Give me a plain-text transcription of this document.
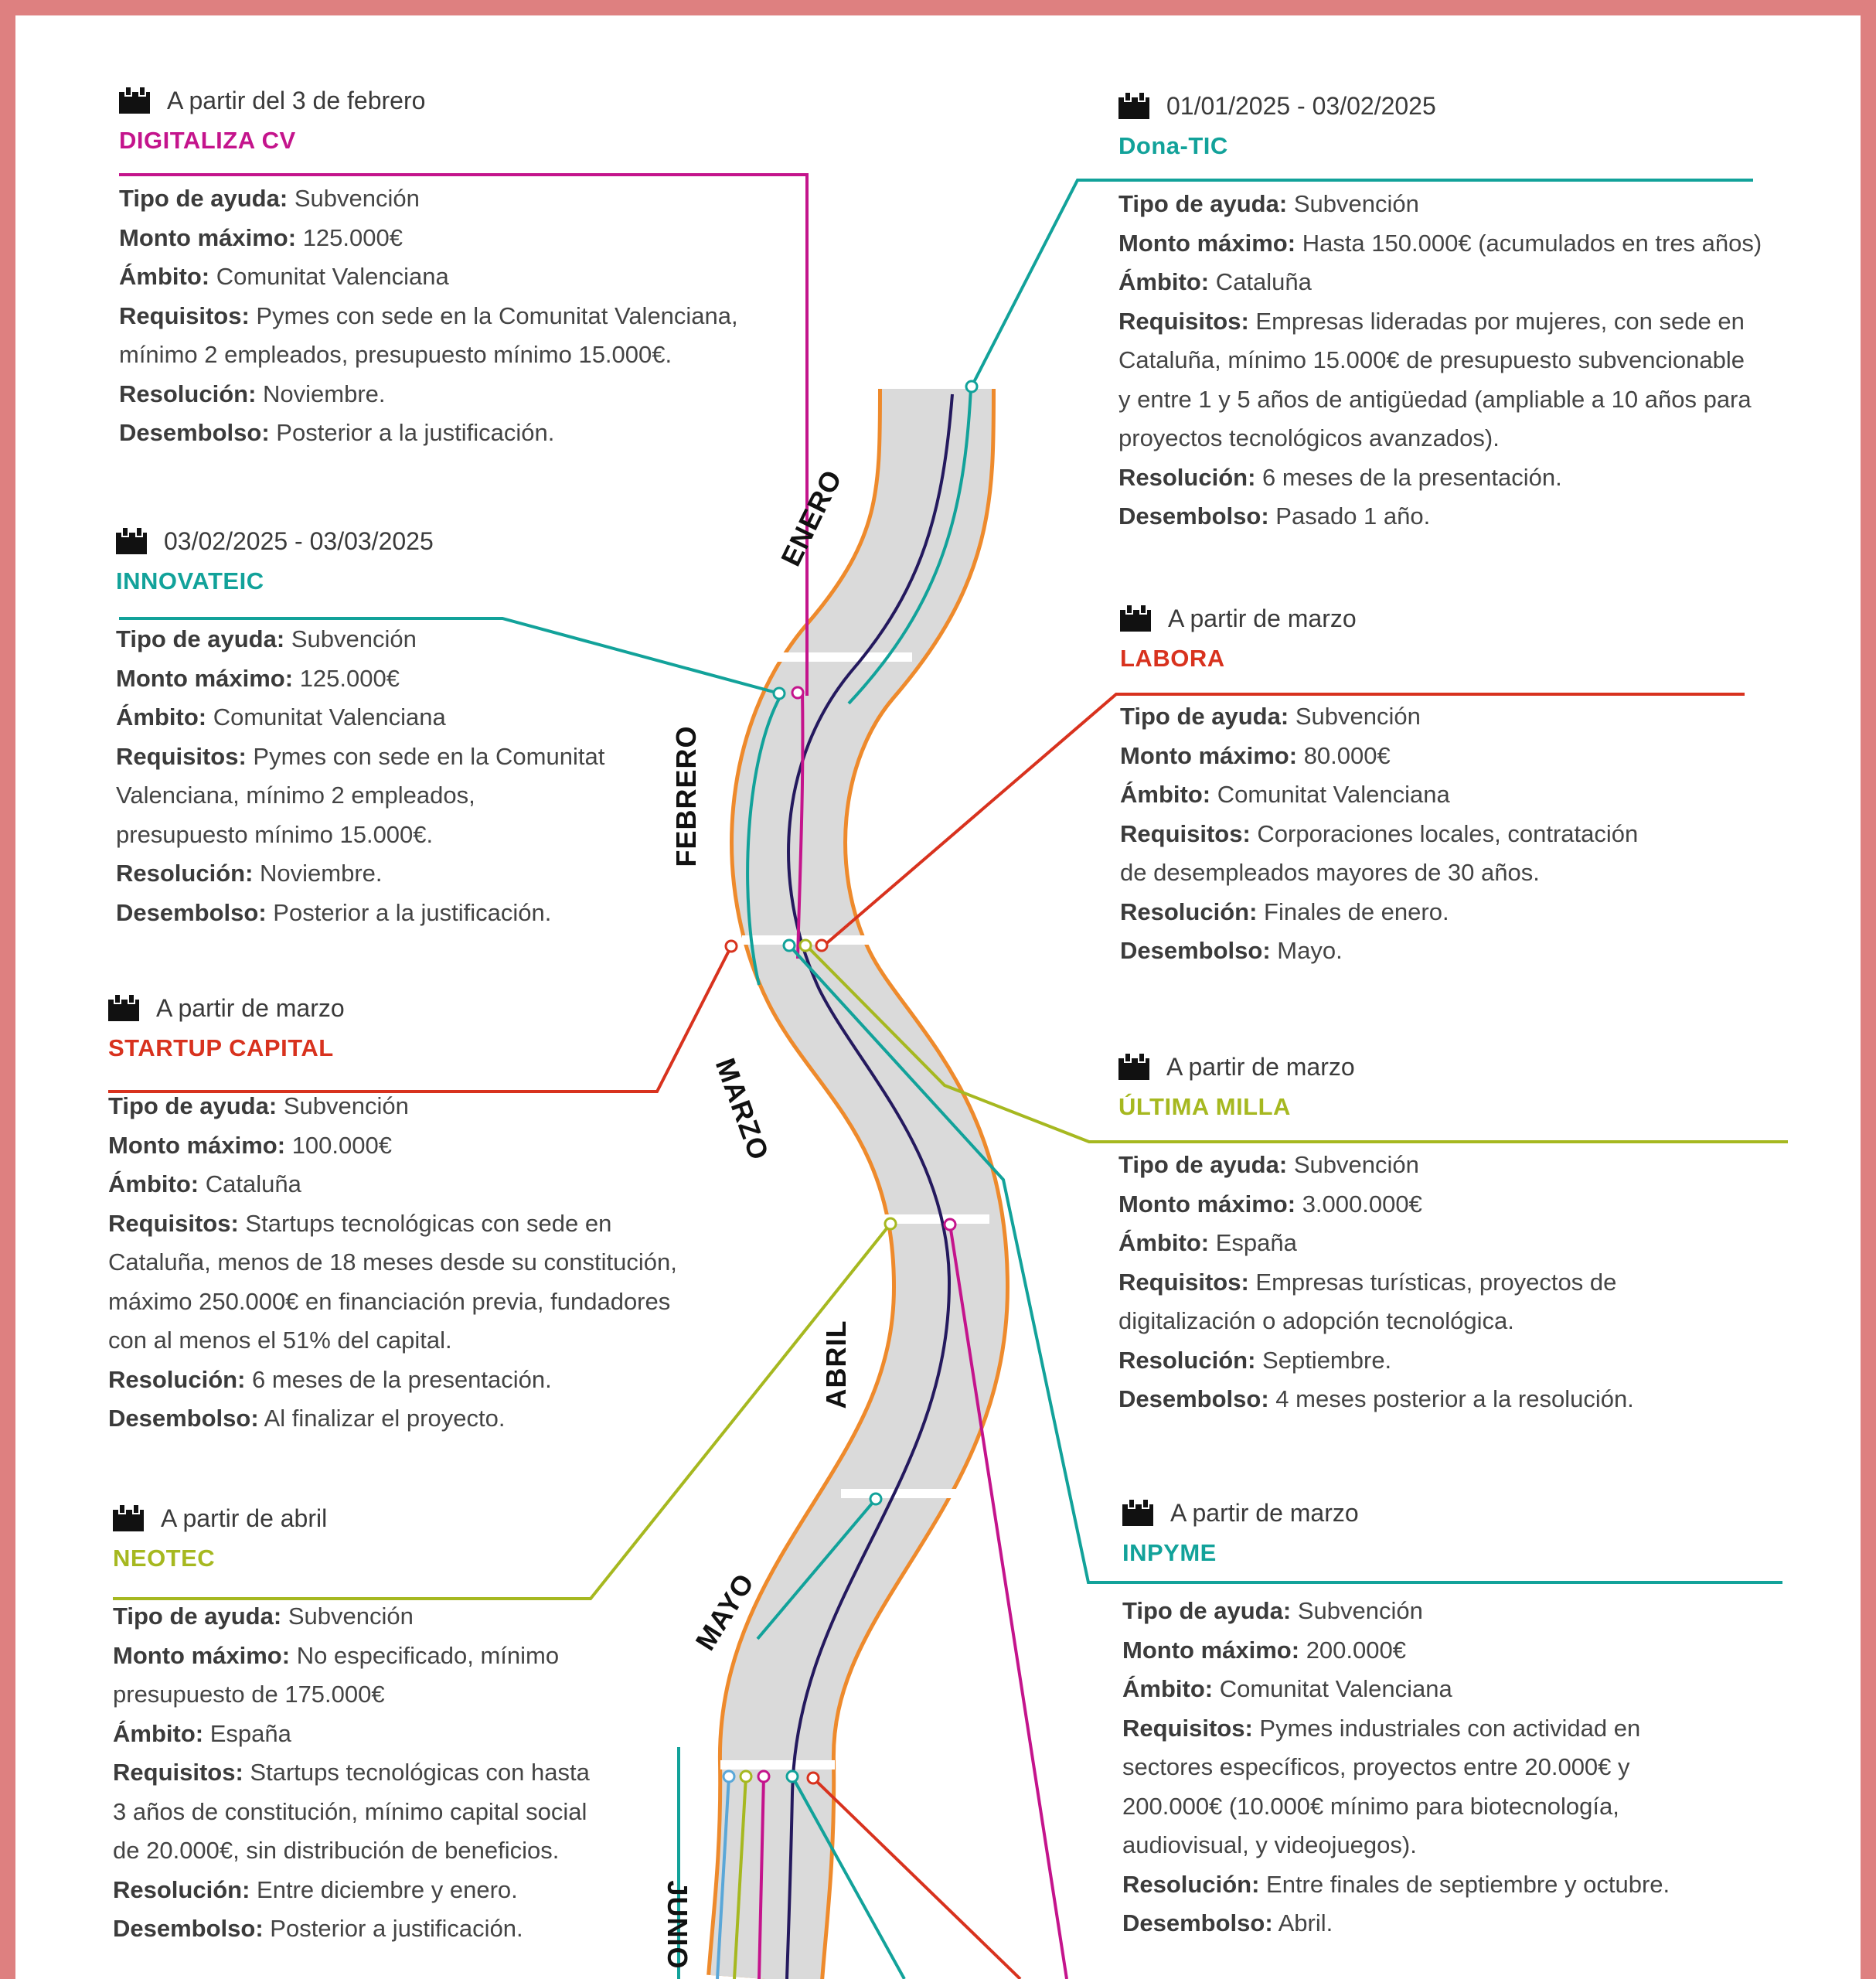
A partir del 3 de febrero
DIGITALIZA CV

Tipo de ayuda: Subvención

Monto máximo: 125.000€

Ámbito: Comunitat Valenciana

Requisitos: Pymes con sede en la Comunitat Valenciana,

mínimo 2 empleados, presupuesto mínimo 15.000€.

Resolución: Noviembre.

Desembolso: Posterior a la justificación.

01/01/2025 - 03/02/2025
Dona-TIC

Tipo de ayuda: Subvención

Monto máximo: Hasta 150.000€ (acumulados en tres años)

Ámbito: Cataluña

Requisitos: Empresas lideradas por mujeres, con sede en

Cataluña, mínimo 15.000€ de presupuesto subvencionable

y entre 1 y 5 años de antigüedad (ampliable a 10 años para

proyectos tecnológicos avanzados).

Resolución: 6 meses de la presentación.

Desembolso: Pasado 1 año.

03/02/2025 - 03/03/2025
INNOVATEIC

Tipo de ayuda: Subvención

Monto máximo: 125.000€

Ámbito: Comunitat Valenciana

Requisitos: Pymes con sede en la Comunitat

Valenciana, mínimo 2 empleados,

presupuesto mínimo 15.000€.

Resolución: Noviembre.

Desembolso: Posterior a la justificación.

A partir de marzo
LABORA

Tipo de ayuda: Subvención

Monto máximo: 80.000€

Ámbito: Comunitat Valenciana

Requisitos: Corporaciones locales, contratación

de desempleados mayores de 30 años.

Resolución: Finales de enero.

Desembolso: Mayo.

A partir de marzo
STARTUP CAPITAL

Tipo de ayuda: Subvención

Monto máximo: 100.000€

Ámbito: Cataluña

Requisitos: Startups tecnológicas con sede en

Cataluña, menos de 18 meses desde su constitución,

máximo 250.000€ en financiación previa, fundadores

con al menos el 51% del capital.

Resolución: 6 meses de la presentación.

Desembolso: Al finalizar el proyecto.

A partir de marzo
ÚLTIMA MILLA

Tipo de ayuda: Subvención

Monto máximo: 3.000.000€

Ámbito: España

Requisitos: Empresas turísticas, proyectos de

digitalización o adopción tecnológica.

Resolución: Septiembre.

Desembolso: 4 meses posterior a la resolución.

A partir de abril
NEOTEC

Tipo de ayuda: Subvención

Monto máximo: No especificado, mínimo

presupuesto de 175.000€

Ámbito: España

Requisitos: Startups tecnológicas con hasta

3 años de constitución, mínimo capital social

de 20.000€, sin distribución de beneficios.

Resolución: Entre diciembre y enero.

Desembolso: Posterior a justificación.

A partir de marzo
INPYME

Tipo de ayuda: Subvención

Monto máximo: 200.000€

Ámbito: Comunitat Valenciana

Requisitos: Pymes industriales con actividad en

sectores específicos, proyectos entre 20.000€ y

200.000€ (10.000€ mínimo para biotecnología,

audiovisual, y videojuegos).

Resolución: Entre finales de septiembre y octubre.

Desembolso: Abril.

ENERO
FEBRERO
MARZO
ABRIL
MAYO
JUNIO
